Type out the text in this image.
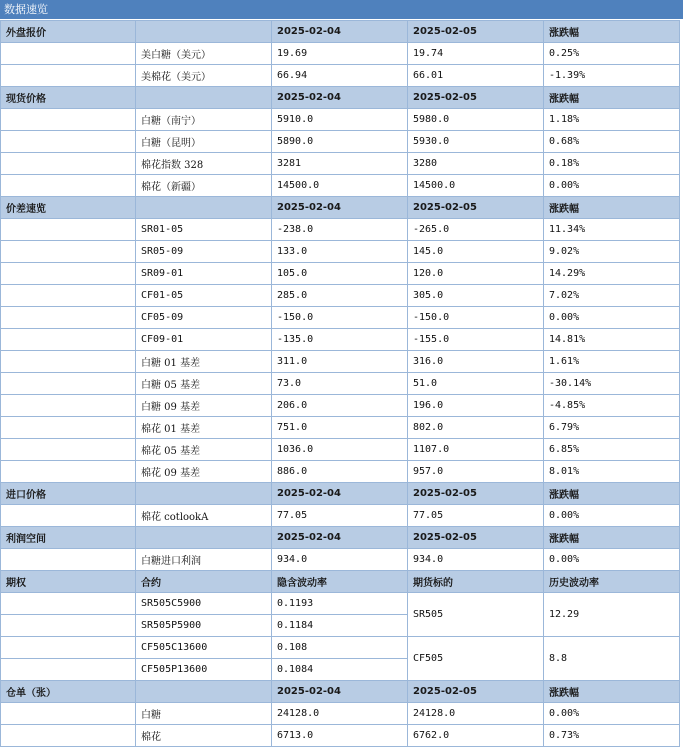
数据速览
外盘报价		2025-02-04	2025-02-05	涨跌幅
	美白糖（美元）	19.69	19.74	0.25%
	美棉花（美元）	66.94	66.01	-1.39%
现货价格		2025-02-04	2025-02-05	涨跌幅
	白糖（南宁）	5910.0	5980.0	1.18%
	白糖（昆明）	5890.0	5930.0	0.68%
	棉花指数 328	3281	3280	0.18%
	棉花（新疆）	14500.0	14500.0	0.00%
价差速览		2025-02-04	2025-02-05	涨跌幅
	SR01-05	-238.0	-265.0	11.34%
	SR05-09	133.0	145.0	9.02%
	SR09-01	105.0	120.0	14.29%
	CF01-05	285.0	305.0	7.02%
	CF05-09	-150.0	-150.0	0.00%
	CF09-01	-135.0	-155.0	14.81%
	白糖 01 基差	311.0	316.0	1.61%
	白糖 05 基差	73.0	51.0	-30.14%
	白糖 09 基差	206.0	196.0	-4.85%
	棉花 01 基差	751.0	802.0	6.79%
	棉花 05 基差	1036.0	1107.0	6.85%
	棉花 09 基差	886.0	957.0	8.01%
进口价格		2025-02-04	2025-02-05	涨跌幅
	棉花 cotlookA	77.05	77.05	0.00%
利润空间		2025-02-04	2025-02-05	涨跌幅
	白糖进口利润	934.0	934.0	0.00%
期权	合约	隐含波动率	期货标的	历史波动率
	SR505C5900	0.1193	SR505	12.29
	SR505P5900	0.1184		
	CF505C13600	0.108	CF505	8.8
	CF505P13600	0.1084		
仓单（张）		2025-02-04	2025-02-05	涨跌幅
	白糖	24128.0	24128.0	0.00%
	棉花	6713.0	6762.0	0.73%
